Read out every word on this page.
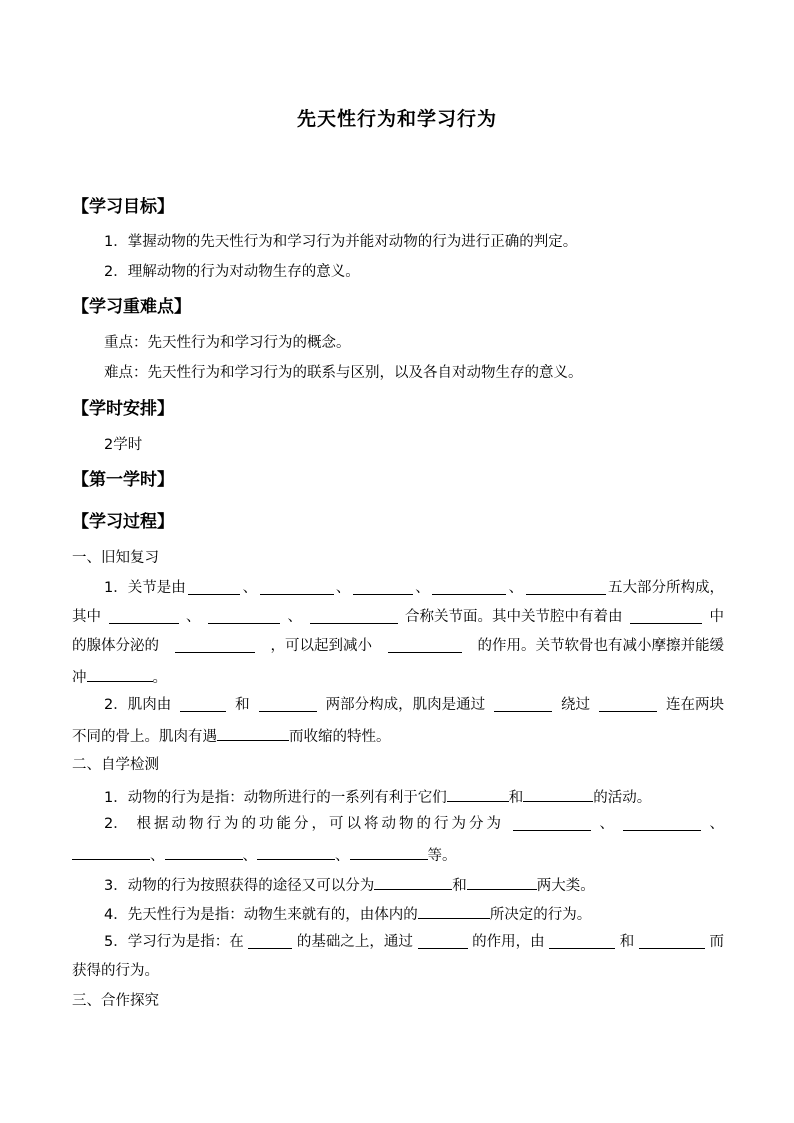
先天性行为和学习行为
【学习目标】
1．掌握动物的先天性行为和学习行为并能对动物的行为进行正确的判定。
2．理解动物的行为对动物生存的意义。
【学习重难点】
重点：先天性行为和学习行为的概念。
难点：先天性行为和学习行为的联系与区别，以及各自对动物生存的意义。
【学时安排】
2学时
【第一学时】
【学习过程】
一、旧知复习
1．关节是由	、	、	、	、	五大部分所构成，
其中	、	、	合称关节面。其中关节腔中有着由	中
的腺体分泌的	，可以起到减小	的作用。关节软骨也有减小摩擦并能缓
冲	。
2．肌肉由	和	两部分构成，肌肉是通过	绕过	连在两块
不同的骨上。肌肉有遇	而收缩的特性。
二、自学检测
1．动物的行为是指：动物所进行的一系列有利于它们	和	的活动。
2． 根据动物行为的功能分，可以将动物的行为分为	、	、
、	、	、	等。
3．动物的行为按照获得的途径又可以分为	和	两大类。
4．先天性行为是指：动物生来就有的，由体内的	所决定的行为。
5．学习行为是指：在	的基础之上，通过	的作用，由	和	而
获得的行为。
三、合作探究
